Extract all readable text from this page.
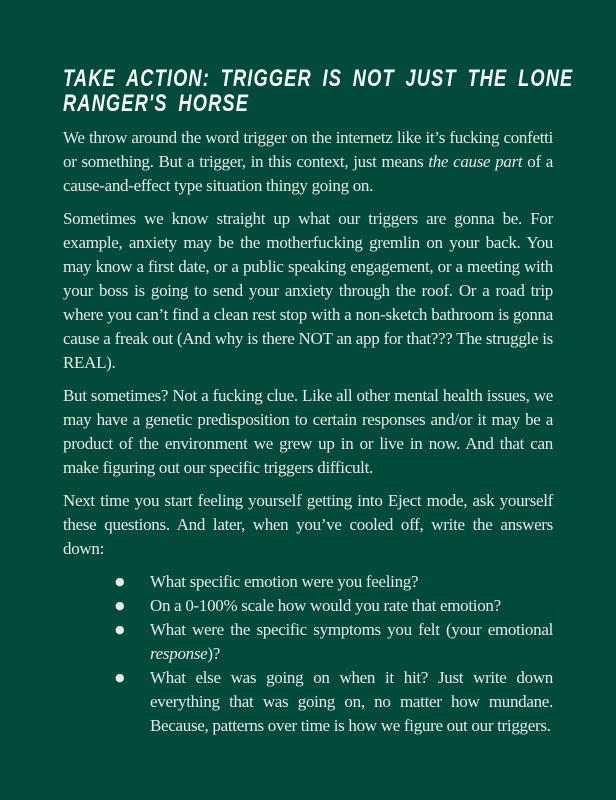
TAKE ACTION: TRIGGER IS NOT JUST THE LONE
RANGER'S HORSE

We throw around the word trigger on the internetz like it’s fucking confetti or something. But a trigger, in this context, just means the cause part of a cause-and-effect type situation thingy going on.

Sometimes we know straight up what our triggers are gonna be. For example, anxiety may be the motherfucking gremlin on your back. You may know a first date, or a public speaking engagement, or a meeting with your boss is going to send your anxiety through the roof. Or a road trip where you can’t find a clean rest stop with a non-sketch bathroom is gonna cause a freak out (And why is there NOT an app for that??? The struggle is REAL).

But sometimes? Not a fucking clue. Like all other mental health issues, we may have a genetic predisposition to certain responses and/or it may be a product of the environment we grew up in or live in now. And that can make figuring out our specific triggers difficult.

Next time you start feeling yourself getting into Eject mode, ask yourself these questions. And later, when you’ve cooled off, write the answers down:

● What specific emotion were you feeling?
● On a 0-100% scale how would you rate that emotion?
● What were the specific symptoms you felt (your emotional response)?
● What else was going on when it hit? Just write down everything that was going on, no matter how mundane. Because, patterns over time is how we figure out our triggers.
